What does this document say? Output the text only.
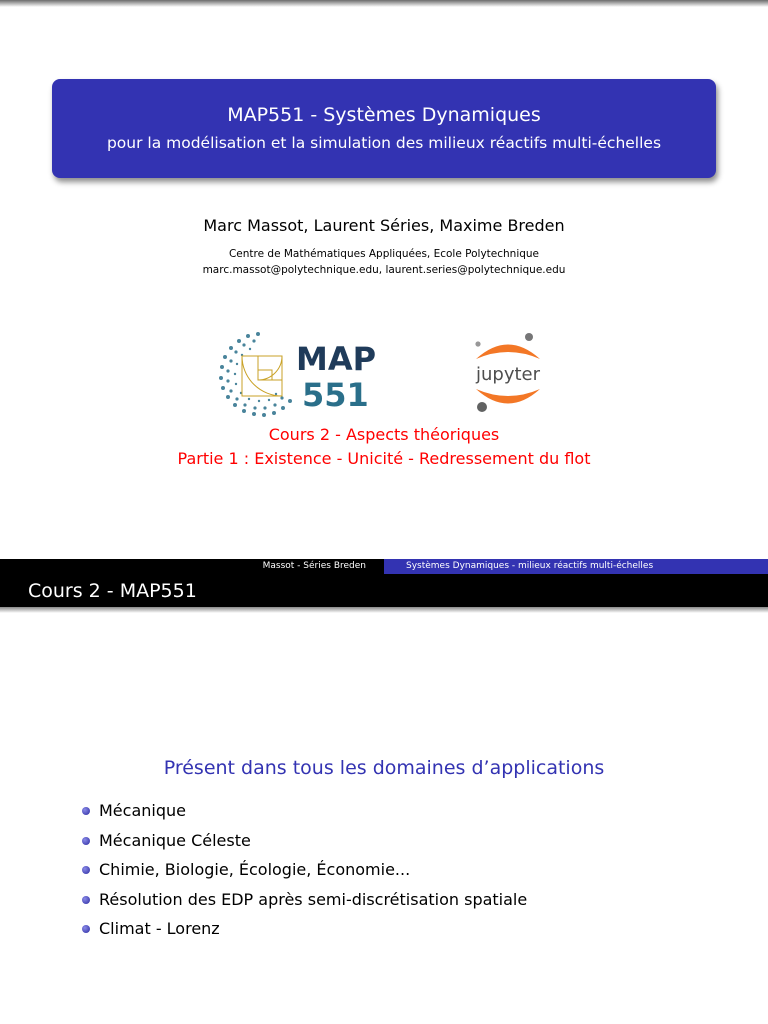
MAP551 - Systèmes Dynamiques
pour la modélisation et la simulation des milieux réactifs multi-échelles
Marc Massot, Laurent Séries, Maxime Breden
Centre de Mathématiques Appliquées, Ecole Polytechnique
marc.massot@polytechnique.edu, laurent.series@polytechnique.edu
MAP
551
jupyter
Cours 2 - Aspects théoriques
Partie 1 : Existence - Unicité - Redressement du flot
Massot - Séries Breden	Systèmes Dynamiques - milieux réactifs multi-échelles
Cours 2 - MAP551
Présent dans tous les domaines d’applications
Mécanique
Mécanique Céleste
Chimie, Biologie, Écologie, Économie...
Résolution des EDP après semi-discrétisation spatiale
Climat - Lorenz
